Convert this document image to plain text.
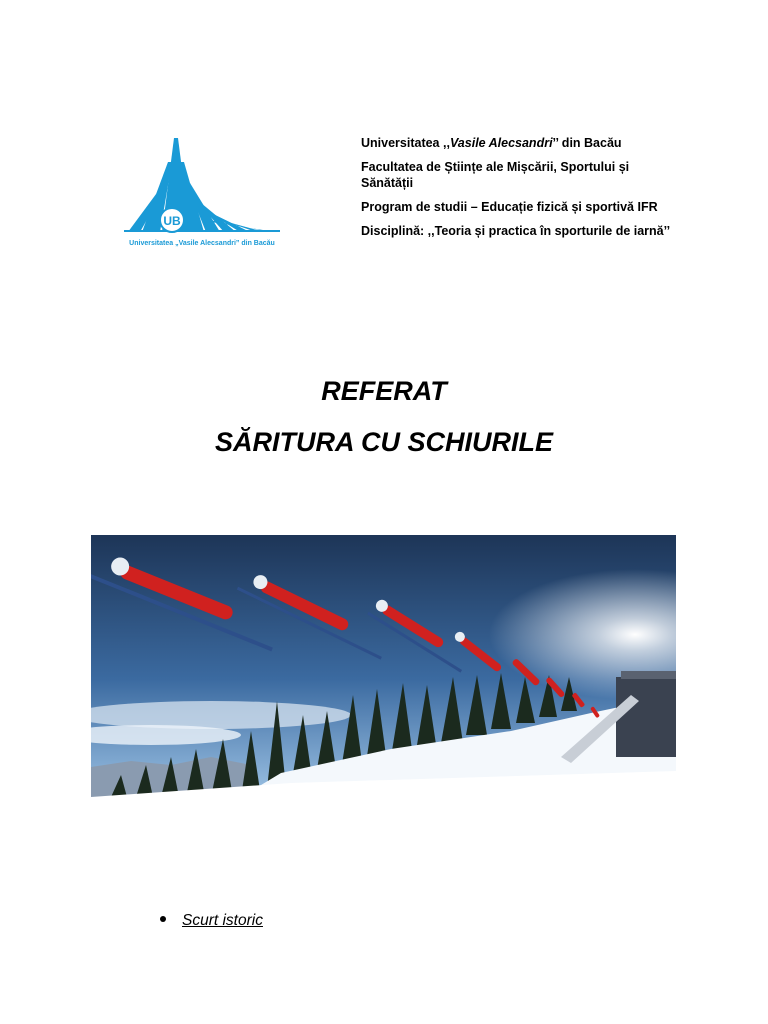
UB
Universitatea „Vasile Alecsandri” din Bacău

Universitatea ,,Vasile Alecsandri’’ din Bacău

Facultatea de Științe ale Mișcării, Sportului și Sănătății

Program de studii – Educație fizică și sportivă IFR

Disciplină: ,,Teoria și practica în sporturile de iarnă’’

REFERAT
SĂRITURA CU SCHIURILE
Scurt istoric
